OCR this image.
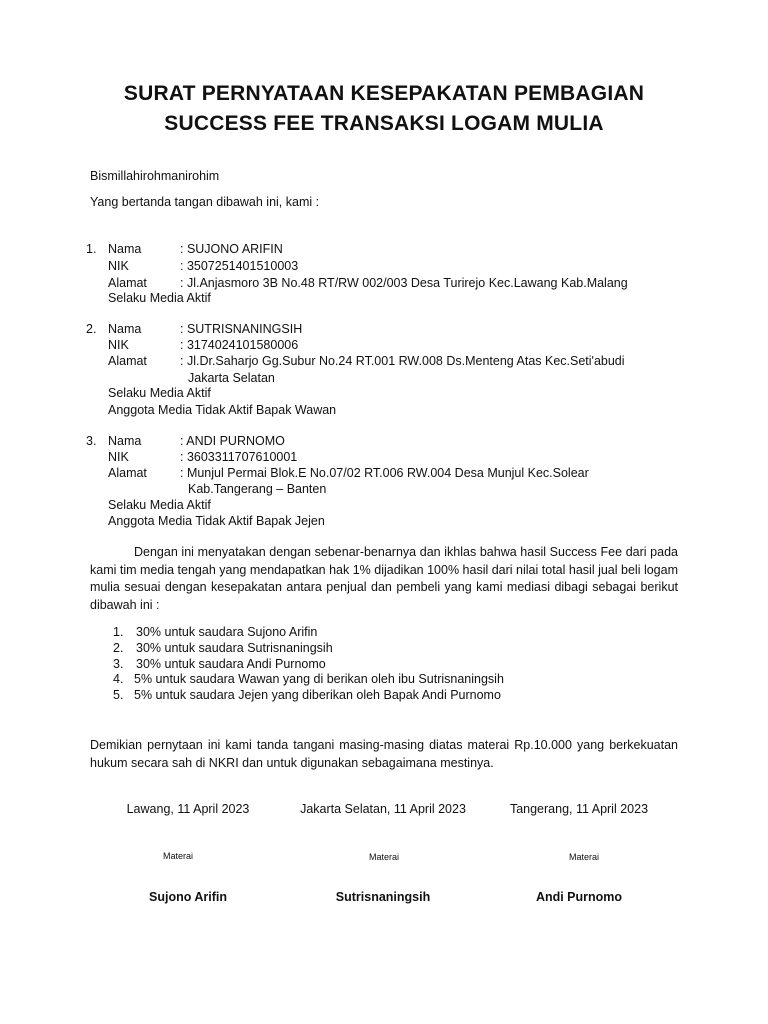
SURAT PERNYATAAN KESEPAKATAN PEMBAGIAN
SUCCESS FEE TRANSAKSI LOGAM MULIA
Bismillahirohmanirohim
Yang bertanda tangan dibawah ini, kami :
1. Nama	: SUJONO ARIFIN
NIK	: 3507251401510003
Alamat	: Jl.Anjasmoro 3B No.48 RT/RW 002/003 Desa Turirejo Kec.Lawang Kab.Malang
Selaku Media Aktif
2. Nama	: SUTRISNANINGSIH
NIK	: 3174024101580006
Alamat	: Jl.Dr.Saharjo Gg.Subur No.24 RT.001 RW.008 Ds.Menteng Atas Kec.Seti'abudi
Jakarta Selatan
Selaku Media Aktif
Anggota Media Tidak Aktif Bapak Wawan
3. Nama	: ANDI PURNOMO
NIK	: 3603311707610001
Alamat	: Munjul Permai Blok.E No.07/02 RT.006 RW.004 Desa Munjul Kec.Solear
Kab.Tangerang – Banten
Selaku Media Aktif
Anggota Media Tidak Aktif Bapak Jejen
Dengan ini menyatakan dengan sebenar-benarnya dan ikhlas bahwa hasil Success Fee dari pada kami tim media tengah yang mendapatkan hak 1% dijadikan 100% hasil dari nilai total hasil jual beli logam mulia sesuai dengan kesepakatan antara penjual dan pembeli yang kami mediasi dibagi sebagai berikut dibawah ini :
1. 30% untuk saudara Sujono Arifin
2. 30% untuk saudara Sutrisnaningsih
3. 30% untuk saudara Andi Purnomo
4. 5% untuk saudara Wawan yang di berikan oleh ibu Sutrisnaningsih
5. 5% untuk saudara Jejen yang diberikan oleh Bapak Andi Purnomo
Demikian pernytaan ini kami tanda tangani masing-masing diatas materai Rp.10.000 yang berkekuatan hukum secara sah di NKRI dan untuk digunakan sebagaimana mestinya.
Lawang, 11 April 2023
Materai
Sujono Arifin
Jakarta Selatan, 11 April 2023
Materai
Sutrisnaningsih
Tangerang, 11 April 2023
Materai
Andi Purnomo
